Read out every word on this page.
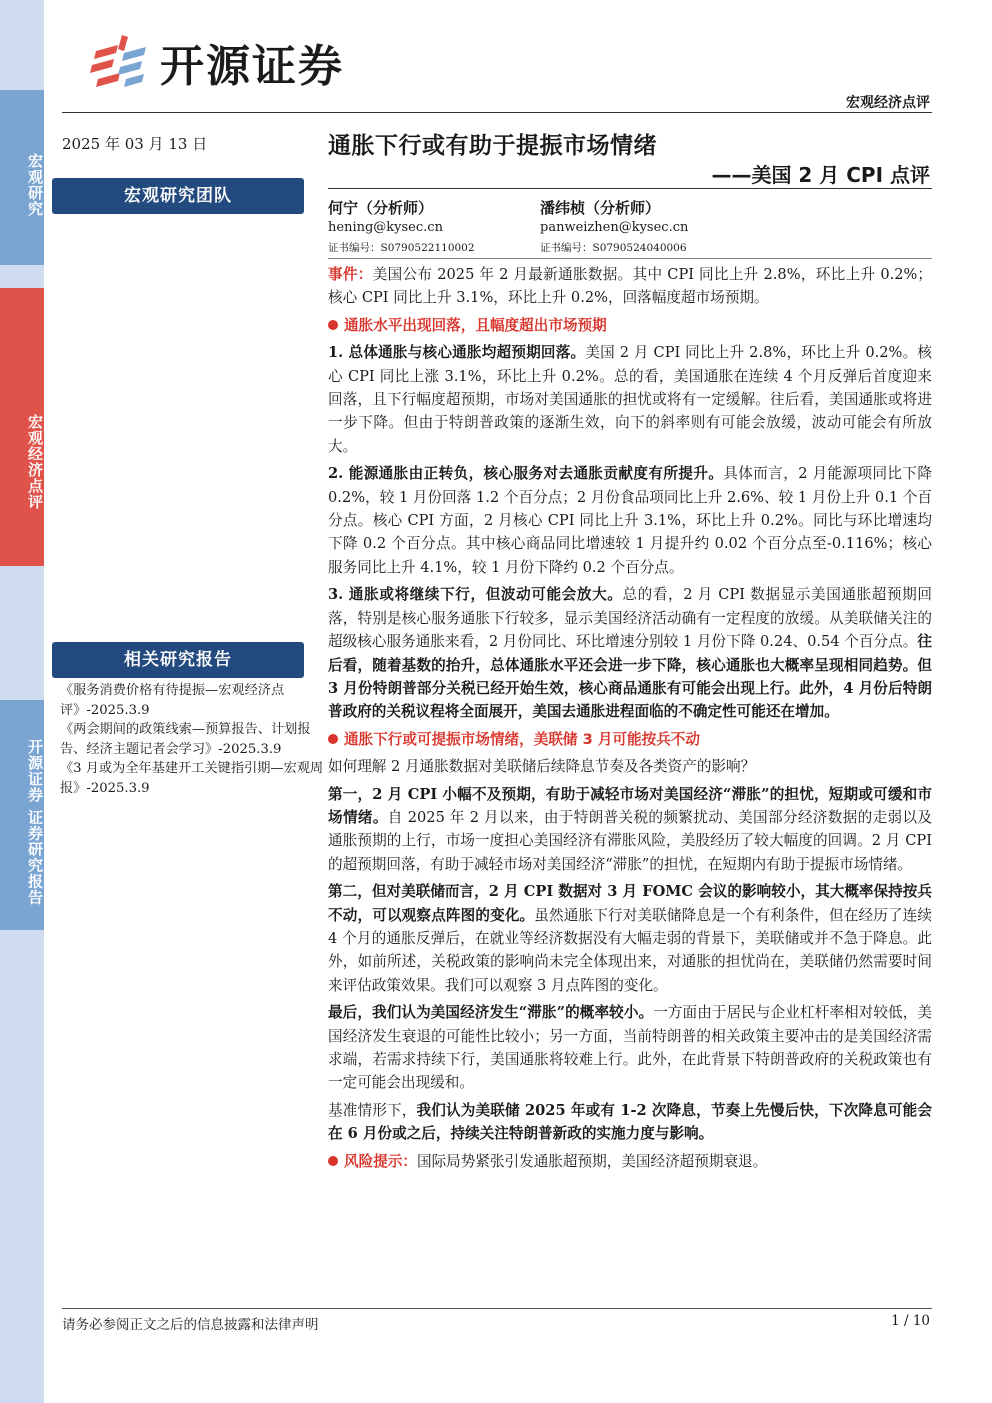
宏观研究
宏观经济点评
开源证券 证券研究报告
开源证券
宏观经济点评
2025 年 03 月 13 日
宏观研究团队
通胀下行或有助于提振市场情绪
——美国 2 月 CPI 点评
何宁（分析师）
hening@kysec.cn
证书编号：S0790522110002
潘纬桢（分析师）
panweizhen@kysec.cn
证书编号：S0790524040006
相关研究报告
《服务消费价格有待提振—宏观经济点评》-2025.3.9
《两会期间的政策线索—预算报告、计划报告、经济主题记者会学习》-2025.3.9
《3 月或为全年基建开工关键指引期—宏观周报》-2025.3.9

事件：美国公布 2025 年 2 月最新通胀数据。其中 CPI 同比上升 2.8%，环比上升 0.2%；核心 CPI 同比上升 3.1%，环比上升 0.2%，回落幅度超市场预期。

通胀水平出现回落，且幅度超出市场预期

1. 总体通胀与核心通胀均超预期回落。美国 2 月 CPI 同比上升 2.8%，环比上升 0.2%。核心 CPI 同比上涨 3.1%，环比上升 0.2%。总的看，美国通胀在连续 4 个月反弹后首度迎来回落，且下行幅度超预期，市场对美国通胀的担忧或将有一定缓解。往后看，美国通胀或将进一步下降。但由于特朗普政策的逐渐生效，向下的斜率则有可能会放缓，波动可能会有所放大。

2. 能源通胀由正转负，核心服务对去通胀贡献度有所提升。具体而言，2 月能源项同比下降 0.2%，较 1 月份回落 1.2 个百分点；2 月份食品项同比上升 2.6%、较 1 月份上升 0.1 个百分点。核心 CPI 方面，2 月核心 CPI 同比上升 3.1%，环比上升 0.2%。同比与环比增速均下降 0.2 个百分点。其中核心商品同比增速较 1 月提升约 0.02 个百分点至-0.116%；核心服务同比上升 4.1%，较 1 月份下降约 0.2 个百分点。

3. 通胀或将继续下行，但波动可能会放大。总的看，2 月 CPI 数据显示美国通胀超预期回落，特别是核心服务通胀下行较多，显示美国经济活动确有一定程度的放缓。从美联储关注的超级核心服务通胀来看，2 月份同比、环比增速分别较 1 月份下降 0.24、0.54 个百分点。往后看，随着基数的抬升，总体通胀水平还会进一步下降，核心通胀也大概率呈现相同趋势。但 3 月份特朗普部分关税已经开始生效，核心商品通胀有可能会出现上行。此外，4 月份后特朗普政府的关税议程将全面展开，美国去通胀进程面临的不确定性可能还在增加。

通胀下行或可提振市场情绪，美联储 3 月可能按兵不动

如何理解 2 月通胀数据对美联储后续降息节奏及各类资产的影响？

第一，2 月 CPI 小幅不及预期，有助于减轻市场对美国经济“滞胀”的担忧，短期或可缓和市场情绪。自 2025 年 2 月以来，由于特朗普关税的频繁扰动、美国部分经济数据的走弱以及通胀预期的上行，市场一度担心美国经济有滞胀风险，美股经历了较大幅度的回调。2 月 CPI 的超预期回落，有助于减轻市场对美国经济“滞胀”的担忧，在短期内有助于提振市场情绪。

第二，但对美联储而言，2 月 CPI 数据对 3 月 FOMC 会议的影响较小，其大概率保持按兵不动，可以观察点阵图的变化。虽然通胀下行对美联储降息是一个有利条件，但在经历了连续 4 个月的通胀反弹后，在就业等经济数据没有大幅走弱的背景下，美联储或并不急于降息。此外，如前所述，关税政策的影响尚未完全体现出来，对通胀的担忧尚在，美联储仍然需要时间来评估政策效果。我们可以观察 3 月点阵图的变化。

最后，我们认为美国经济发生“滞胀”的概率较小。一方面由于居民与企业杠杆率相对较低，美国经济发生衰退的可能性比较小；另一方面，当前特朗普的相关政策主要冲击的是美国经济需求端，若需求持续下行，美国通胀将较难上行。此外，在此背景下特朗普政府的关税政策也有一定可能会出现缓和。

基准情形下，我们认为美联储 2025 年或有 1-2 次降息，节奏上先慢后快，下次降息可能会在 6 月份或之后，持续关注特朗普新政的实施力度与影响。

风险提示：国际局势紧张引发通胀超预期，美国经济超预期衰退。

请务必参阅正文之后的信息披露和法律声明	1 / 10
